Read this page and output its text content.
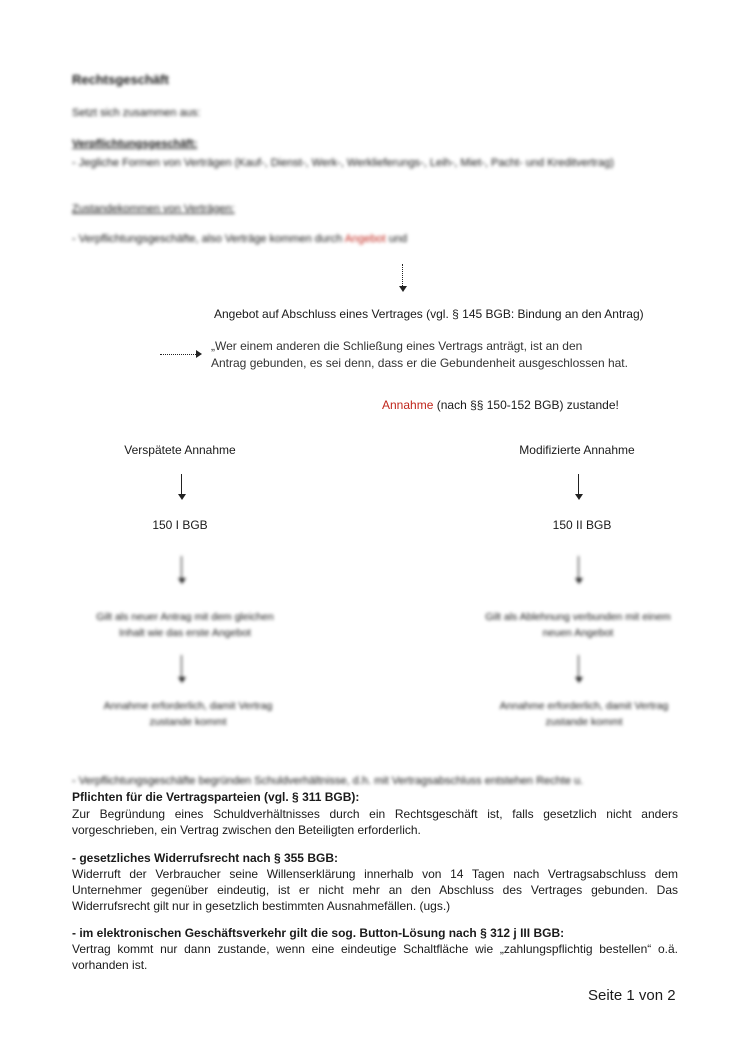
Rechtsgeschäft
Setzt sich zusammen aus:
Verpflichtungsgeschäft:
- Jegliche Formen von Verträgen (Kauf-, Dienst-, Werk-, Werklieferungs-, Leih-, Miet-, Pacht- und Kreditvertrag)
Zustandekommen von Verträgen:
- Verpflichtungsgeschäfte, also Verträge kommen durch Angebot und
Angebot auf Abschluss eines Vertrages (vgl. § 145 BGB: Bindung an den Antrag)
„Wer einem anderen die Schließung eines Vertrags anträgt, ist an den
Antrag gebunden, es sei denn, dass er die Gebundenheit ausgeschlossen hat.
Annahme (nach §§ 150-152 BGB) zustande!
Verspätete Annahme
150 I BGB
Gilt als neuer Antrag mit dem gleichen Inhalt wie das erste Angebot
Annahme erforderlich, damit Vertrag zustande kommt
Modifizierte Annahme
150 II BGB
Gilt als Ablehnung verbunden mit einem neuen Angebot
Annahme erforderlich, damit Vertrag zustande kommt
- Verpflichtungsgeschäfte begründen Schuldverhältnisse, d.h. mit Vertragsabschluss entstehen Rechte u.
Pflichten für die Vertragsparteien (vgl. § 311 BGB):
Zur Begründung eines Schuldverhältnisses durch ein Rechtsgeschäft ist, falls gesetzlich nicht anders vorgeschrieben, ein Vertrag zwischen den Beteiligten erforderlich.
- gesetzliches Widerrufsrecht nach § 355 BGB:
Widerruft der Verbraucher seine Willenserklärung innerhalb von 14 Tagen nach Vertragsabschluss dem Unternehmer gegenüber eindeutig, ist er nicht mehr an den Abschluss des Vertrages gebunden. Das Widerrufsrecht gilt nur in gesetzlich bestimmten Ausnahmefällen. (ugs.)
- im elektronischen Geschäftsverkehr gilt die sog. Button-Lösung nach § 312 j III BGB:
Vertrag kommt nur dann zustande, wenn eine eindeutige Schaltfläche wie „zahlungspflichtig bestellen“ o.ä. vorhanden ist.
Seite 1 von 2
